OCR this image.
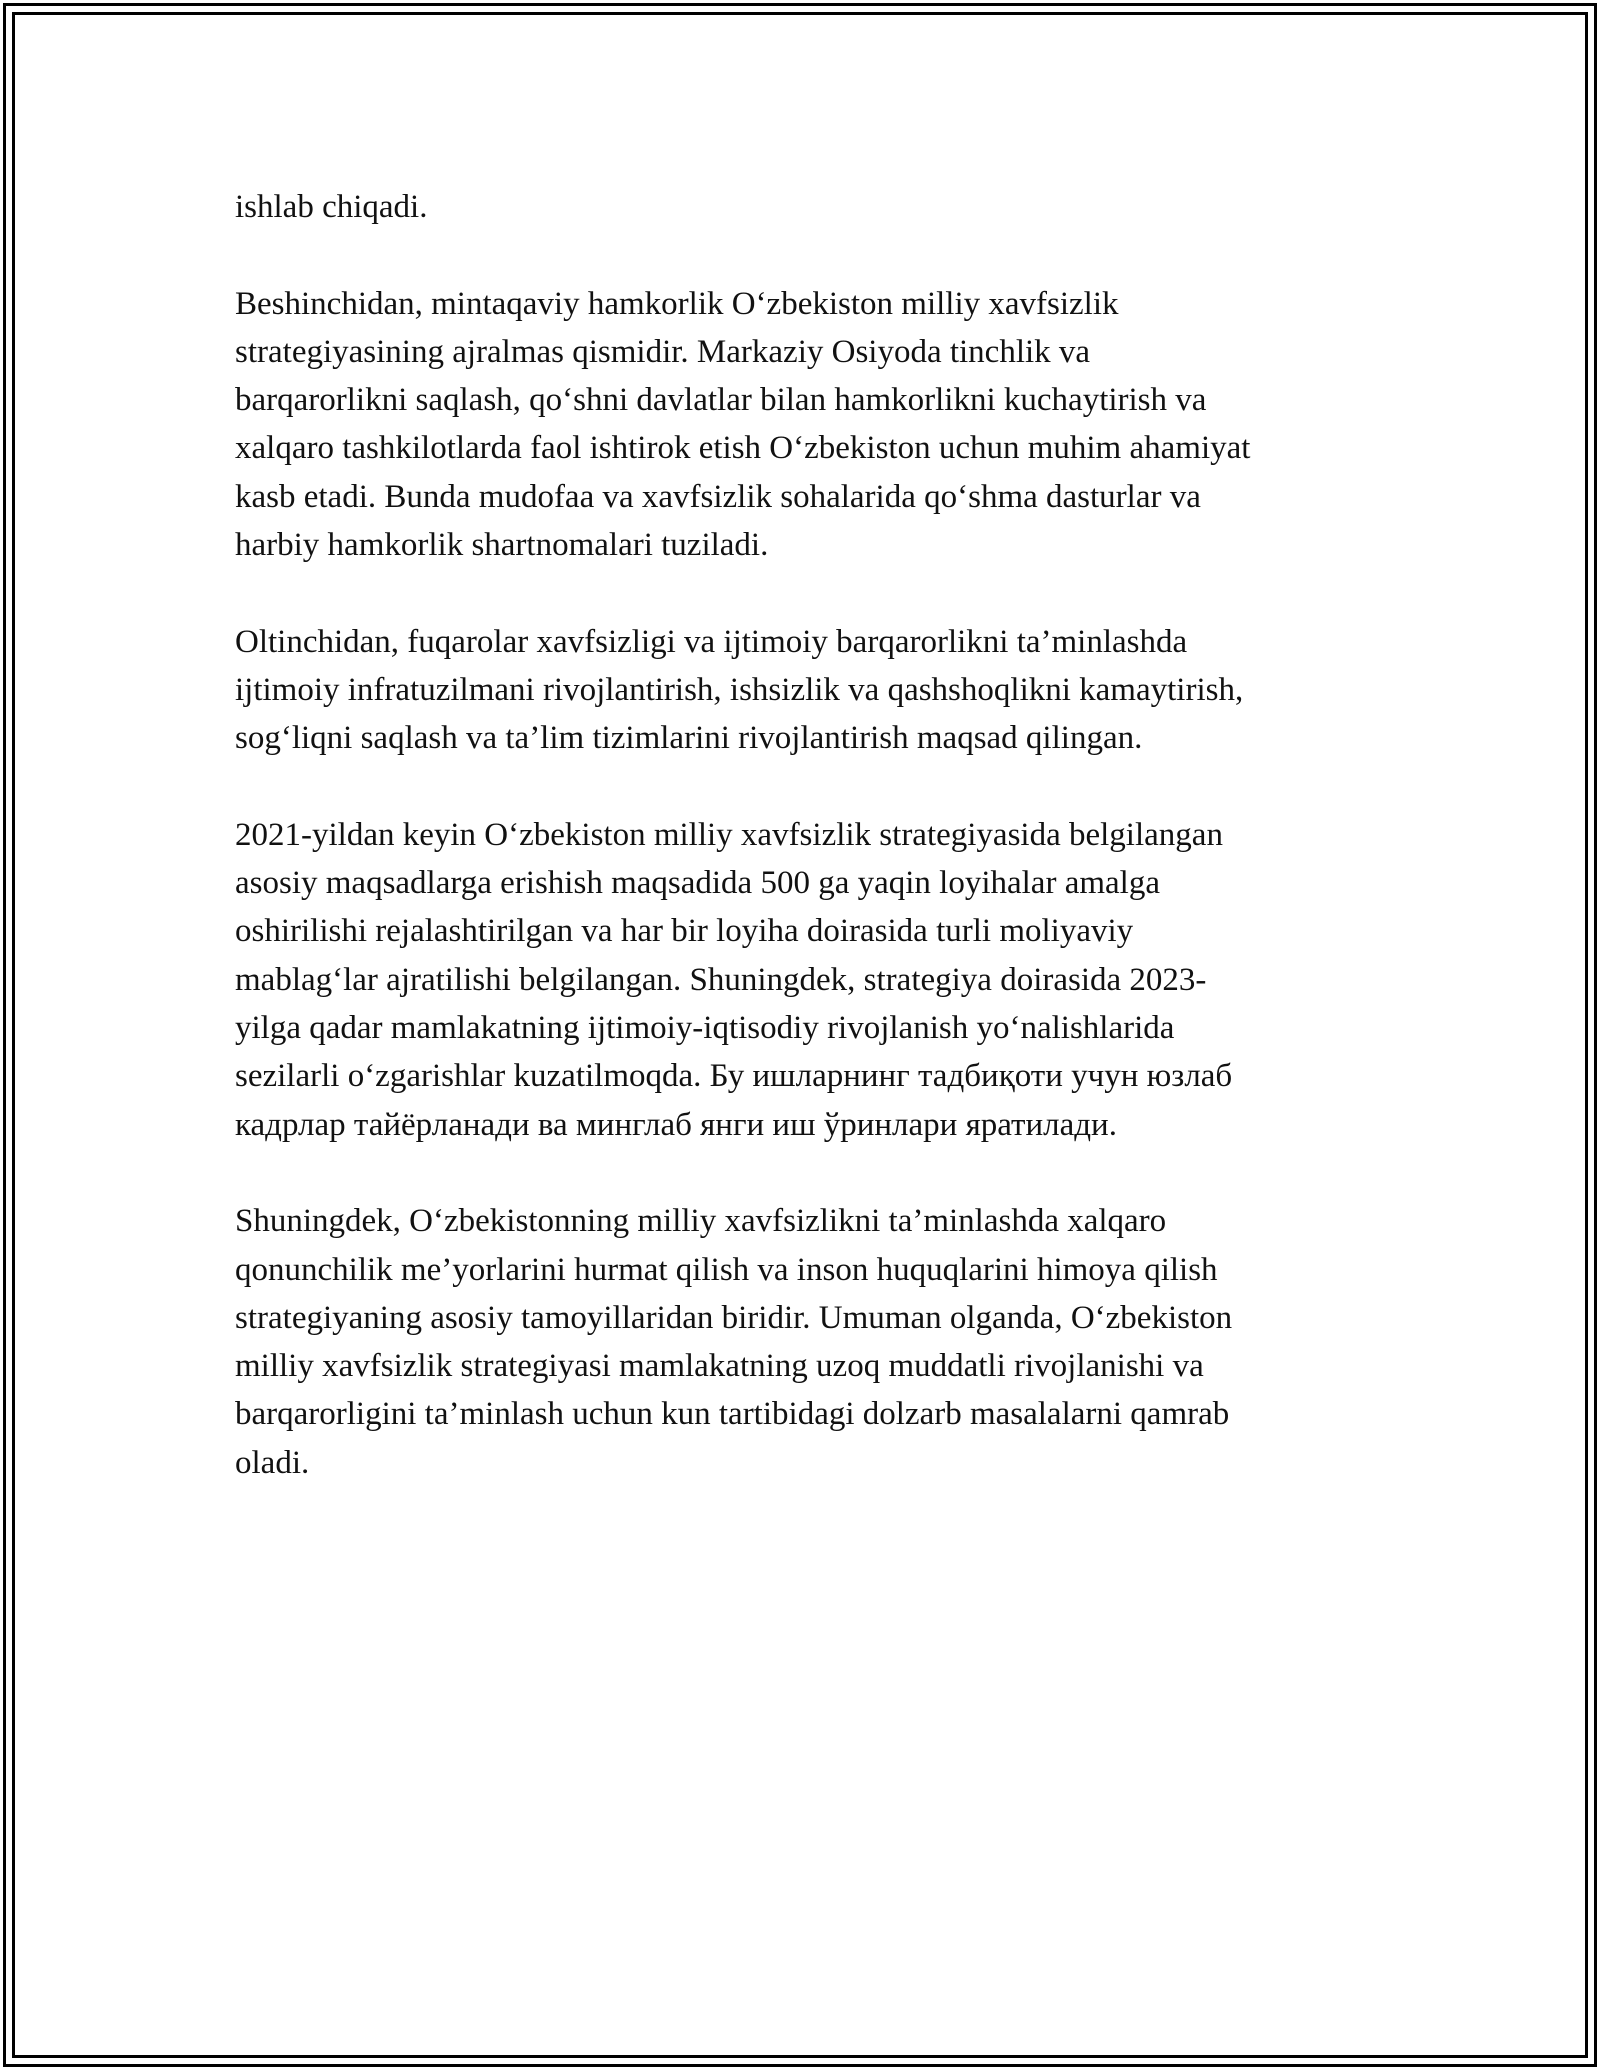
ishlab chiqadi.

Beshinchidan, mintaqaviy hamkorlik O‘zbekiston milliy xavfsizlik
strategiyasining ajralmas qismidir. Markaziy Osiyoda tinchlik va
barqarorlikni saqlash, qo‘shni davlatlar bilan hamkorlikni kuchaytirish va
xalqaro tashkilotlarda faol ishtirok etish O‘zbekiston uchun muhim ahamiyat
kasb etadi. Bunda mudofaa va xavfsizlik sohalarida qo‘shma dasturlar va
harbiy hamkorlik shartnomalari tuziladi.

Oltinchidan, fuqarolar xavfsizligi va ijtimoiy barqarorlikni ta’minlashda
ijtimoiy infratuzilmani rivojlantirish, ishsizlik va qashshoqlikni kamaytirish,
sog‘liqni saqlash va ta’lim tizimlarini rivojlantirish maqsad qilingan.

2021-yildan keyin O‘zbekiston milliy xavfsizlik strategiyasida belgilangan
asosiy maqsadlarga erishish maqsadida 500 ga yaqin loyihalar amalga
oshirilishi rejalashtirilgan va har bir loyiha doirasida turli moliyaviy
mablag‘lar ajratilishi belgilangan. Shuningdek, strategiya doirasida 2023-
yilga qadar mamlakatning ijtimoiy-iqtisodiy rivojlanish yo‘nalishlarida
sezilarli o‘zgarishlar kuzatilmoqda. Бу ишларнинг тадбиқоти учун юзлаб
кадрлар тайёрланади ва минглаб янги иш ўринлари яратилади.

Shuningdek, O‘zbekistonning milliy xavfsizlikni ta’minlashda xalqaro
qonunchilik me’yorlarini hurmat qilish va inson huquqlarini himoya qilish
strategiyaning asosiy tamoyillaridan biridir. Umuman olganda, O‘zbekiston
milliy xavfsizlik strategiyasi mamlakatning uzoq muddatli rivojlanishi va
barqarorligini ta’minlash uchun kun tartibidagi dolzarb masalalarni qamrab
oladi.
